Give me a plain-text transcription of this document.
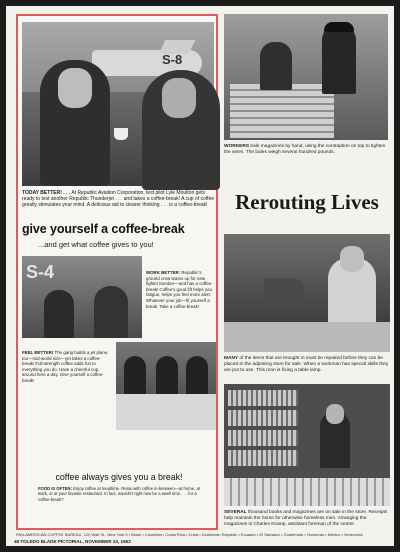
S-8
TODAY BETTER! . . . At Republic Aviation Corporation, test pilot Lyle Moulton gets ready to test another Republic Thunderjet . . . and takes a coffee-break! A cup of coffee greatly stimulates your mind. A delicious aid to clearer thinking . . . is a coffee-break!
give yourself a coffee-break
...and get what coffee gives to you!
S-4	WORK BETTER: Republic's ground crew teams up for new fighter bomber—and has a coffee-break! Coffee's good lift helps you fatigue, helps you feel more alert. Whatever your job—fit yourself a break. Take a coffee-break!
FEEL BETTER! The gang builds a jet plane, too—mid-world size—yet takes a coffee-break! Full-strength coffee adds fun to everything you do. Have a cheerful cup, around here a day. Give yourself a coffee-break!
coffee always gives you a break!
FOOD IS OFTEN: Enjoy coffee at mealtime. Relax with coffee in-between—at home, at work, or at your favorite restaurant. In fact, wouldn't right now be a swell time . . . for a coffee-break?
PAN-AMERICAN COFFEE BUREAU, 120 Wall St., New York 5 • Brazil • Colombia • Costa Rica • Cuba • Dominican Republic • Ecuador • El Salvador • Guatemala • Honduras • Mexico • Venezuela
WORKERS bale magazines by hand, using the contraption on top to tighten the wires. The bales weigh several hundred pounds.
Rerouting Lives
MANY of the items that are brought in must be repaired before they can be placed in the adjoining store for sale. When a workman has special skills they are put to use. This man is fixing a table lamp.
SEVERAL thousand books and magazines are on sale in the store. Receipts help maintain the home for otherwise homeless men. Arranging the magazines is Charles Kramp, assistant foreman of the center.
48 TOLEDO BLADE PICTORIAL, NOVEMBER 23, 1952
